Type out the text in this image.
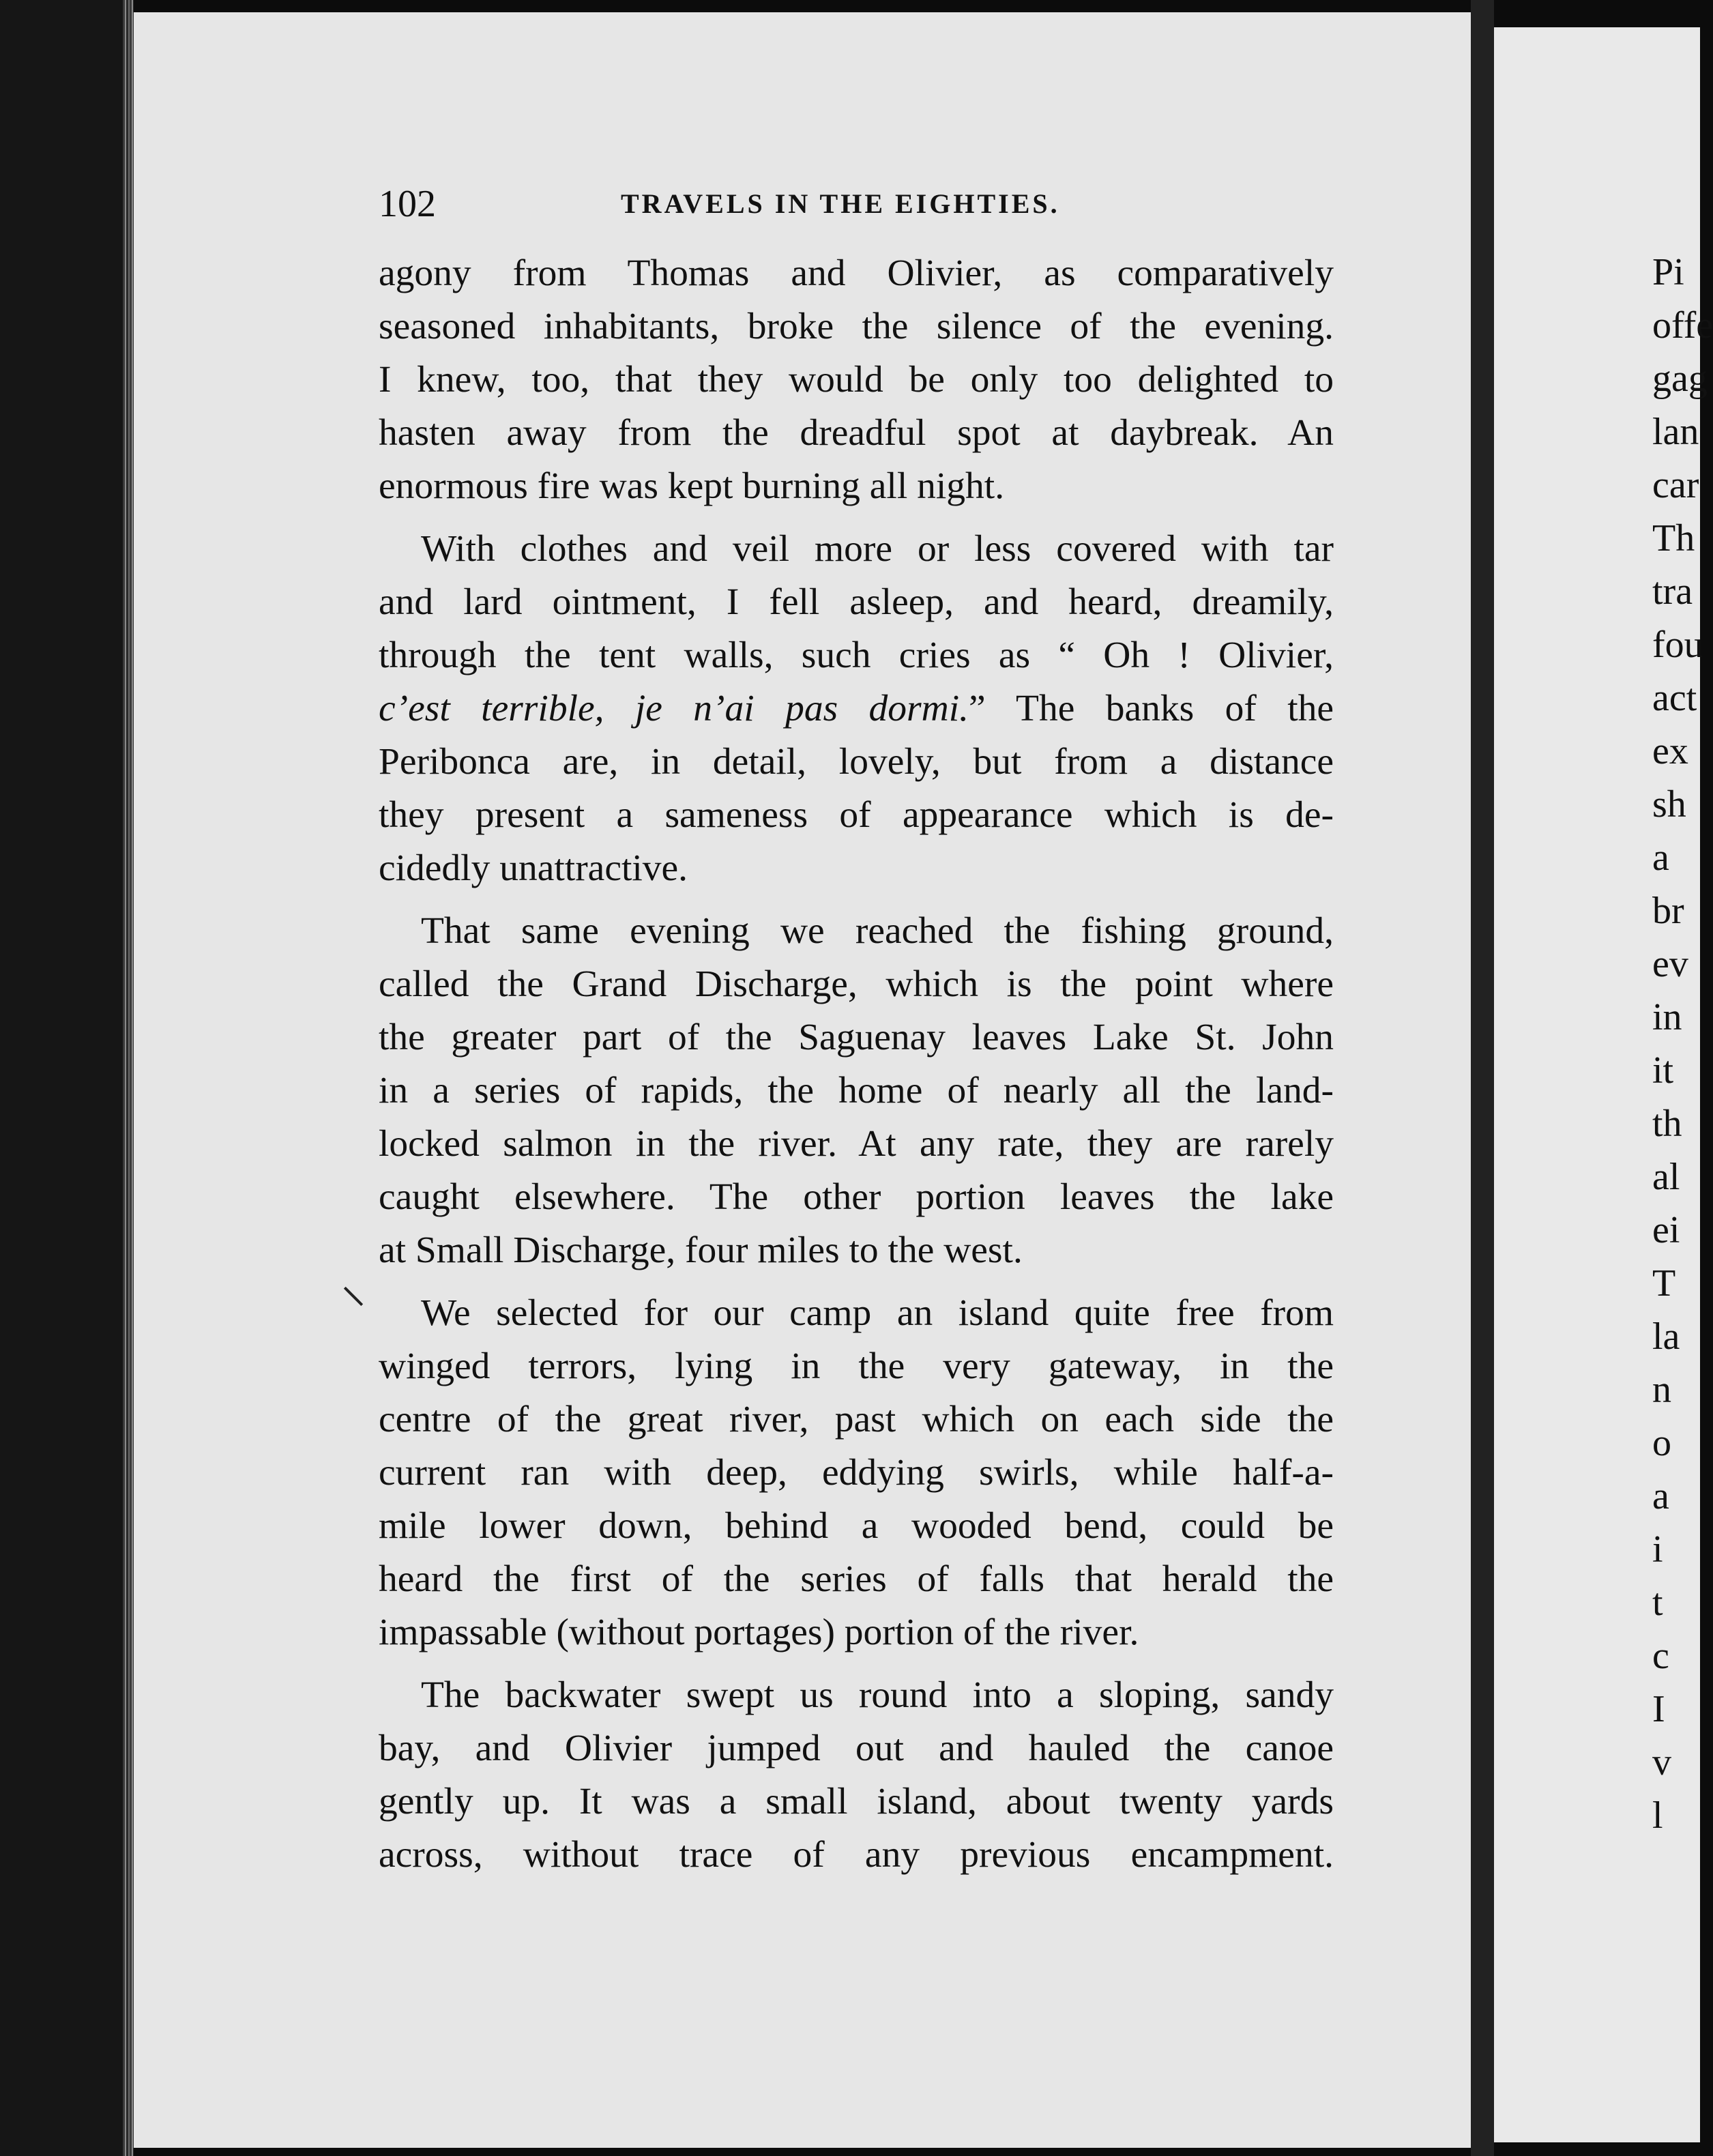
Pi
offe
gag
lan
car
Th
tra
fou
act
ex
sh
a
br
ev
in
it
th
al
ei
T
la
n
o
a
i
t
c
I
v
l
102	TRAVELS IN THE EIGHTIES.

agony from Thomas and Olivier, as comparatively
seasoned inhabitants, broke the silence of the evening.
I knew, too, that they would be only too delighted to
hasten away from the dreadful spot at daybreak. An
enormous fire was kept burning all night.

With clothes and veil more or less covered with tar
and lard ointment, I fell asleep, and heard, dreamily,
through the tent walls, such cries as “ Oh ! Olivier,
c’est terrible, je n’ai pas dormi.” The banks of the
Peribonca are, in detail, lovely, but from a distance
they present a sameness of appearance which is de-
cidedly unattractive.

That same evening we reached the fishing ground,
called the Grand Discharge, which is the point where
the greater part of the Saguenay leaves Lake St. John
in a series of rapids, the home of nearly all the land-
locked salmon in the river. At any rate, they are rarely
caught elsewhere. The other portion leaves the lake
at Small Discharge, four miles to the west.

We selected for our camp an island quite free from
winged terrors, lying in the very gateway, in the
centre of the great river, past which on each side the
current ran with deep, eddying swirls, while half-a-
mile lower down, behind a wooded bend, could be
heard the first of the series of falls that herald the
impassable (without portages) portion of the river.

The backwater swept us round into a sloping, sandy
bay, and Olivier jumped out and hauled the canoe
gently up. It was a small island, about twenty yards
across, without trace of any previous encampment.
